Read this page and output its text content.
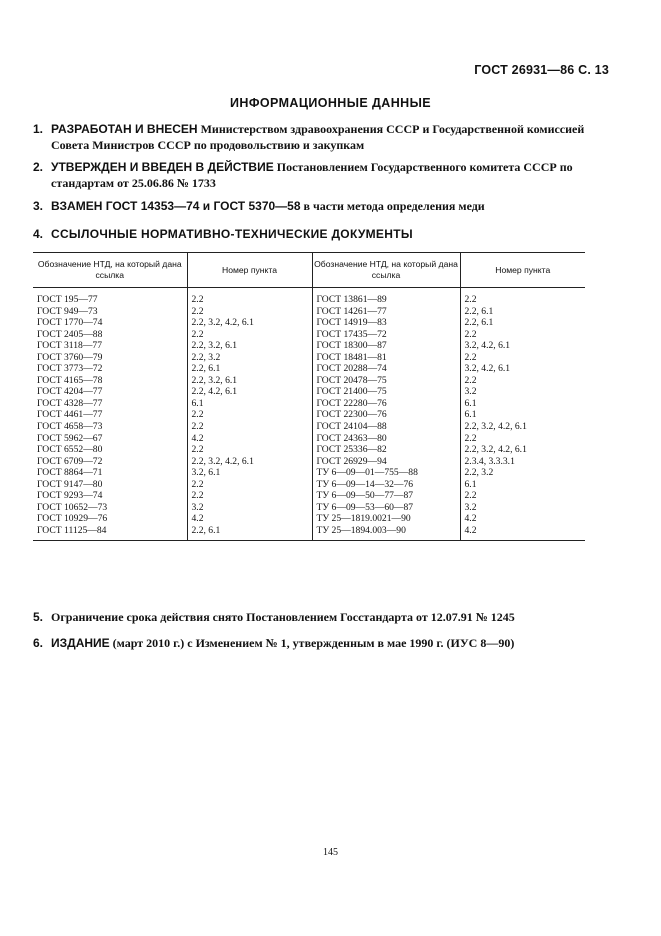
ГОСТ 26931—86 С. 13
ИНФОРМАЦИОННЫЕ ДАННЫЕ
1. РАЗРАБОТАН И ВНЕСЕН Министерством здравоохранения СССР и Государственной комиссией Совета Министров СССР по продовольствию и закупкам
2. УТВЕРЖДЕН И ВВЕДЕН В ДЕЙСТВИЕ Постановлением Государственного комитета СССР по стандартам от 25.06.86 № 1733
3. ВЗАМЕН ГОСТ 14353—74 и ГОСТ 5370—58 в части метода определения меди
4. ССЫЛОЧНЫЕ НОРМАТИВНО-ТЕХНИЧЕСКИЕ ДОКУМЕНТЫ
Обозначение НТД, на который дана ссылка	Номер пункта	Обозначение НТД, на который дана ссылка	Номер пункта
ГОСТ 195—77	2.2	ГОСТ 13861—89	2.2
ГОСТ 949—73	2.2	ГОСТ 14261—77	2.2, 6.1
ГОСТ 1770—74	2.2, 3.2, 4.2, 6.1	ГОСТ 14919—83	2.2, 6.1
ГОСТ 2405—88	2.2	ГОСТ 17435—72	2.2
ГОСТ 3118—77	2.2, 3.2, 6.1	ГОСТ 18300—87	3.2, 4.2, 6.1
ГОСТ 3760—79	2.2, 3.2	ГОСТ 18481—81	2.2
ГОСТ 3773—72	2.2, 6.1	ГОСТ 20288—74	3.2, 4.2, 6.1
ГОСТ 4165—78	2.2, 3.2, 6.1	ГОСТ 20478—75	2.2
ГОСТ 4204—77	2.2, 4.2, 6.1	ГОСТ 21400—75	3.2
ГОСТ 4328—77	6.1	ГОСТ 22280—76	6.1
ГОСТ 4461—77	2.2	ГОСТ 22300—76	6.1
ГОСТ 4658—73	2.2	ГОСТ 24104—88	2.2, 3.2, 4.2, 6.1
ГОСТ 5962—67	4.2	ГОСТ 24363—80	2.2
ГОСТ 6552—80	2.2	ГОСТ 25336—82	2.2, 3.2, 4.2, 6.1
ГОСТ 6709—72	2.2, 3.2, 4.2, 6.1	ГОСТ 26929—94	2.3.4, 3.3.3.1
ГОСТ 8864—71	3.2, 6.1	ТУ 6—09—01—755—88	2.2, 3.2
ГОСТ 9147—80	2.2	ТУ 6—09—14—32—76	6.1
ГОСТ 9293—74	2.2	ТУ 6—09—50—77—87	2.2
ГОСТ 10652—73	3.2	ТУ 6—09—53—60—87	3.2
ГОСТ 10929—76	4.2	ТУ 25—1819.0021—90	4.2
ГОСТ 11125—84	2.2, 6.1	ТУ 25—1894.003—90	4.2
5. Ограничение срока действия снято Постановлением Госстандарта от 12.07.91 № 1245
6. ИЗДАНИЕ (март 2010 г.) с Изменением № 1, утвержденным в мае 1990 г. (ИУС 8—90)
145
